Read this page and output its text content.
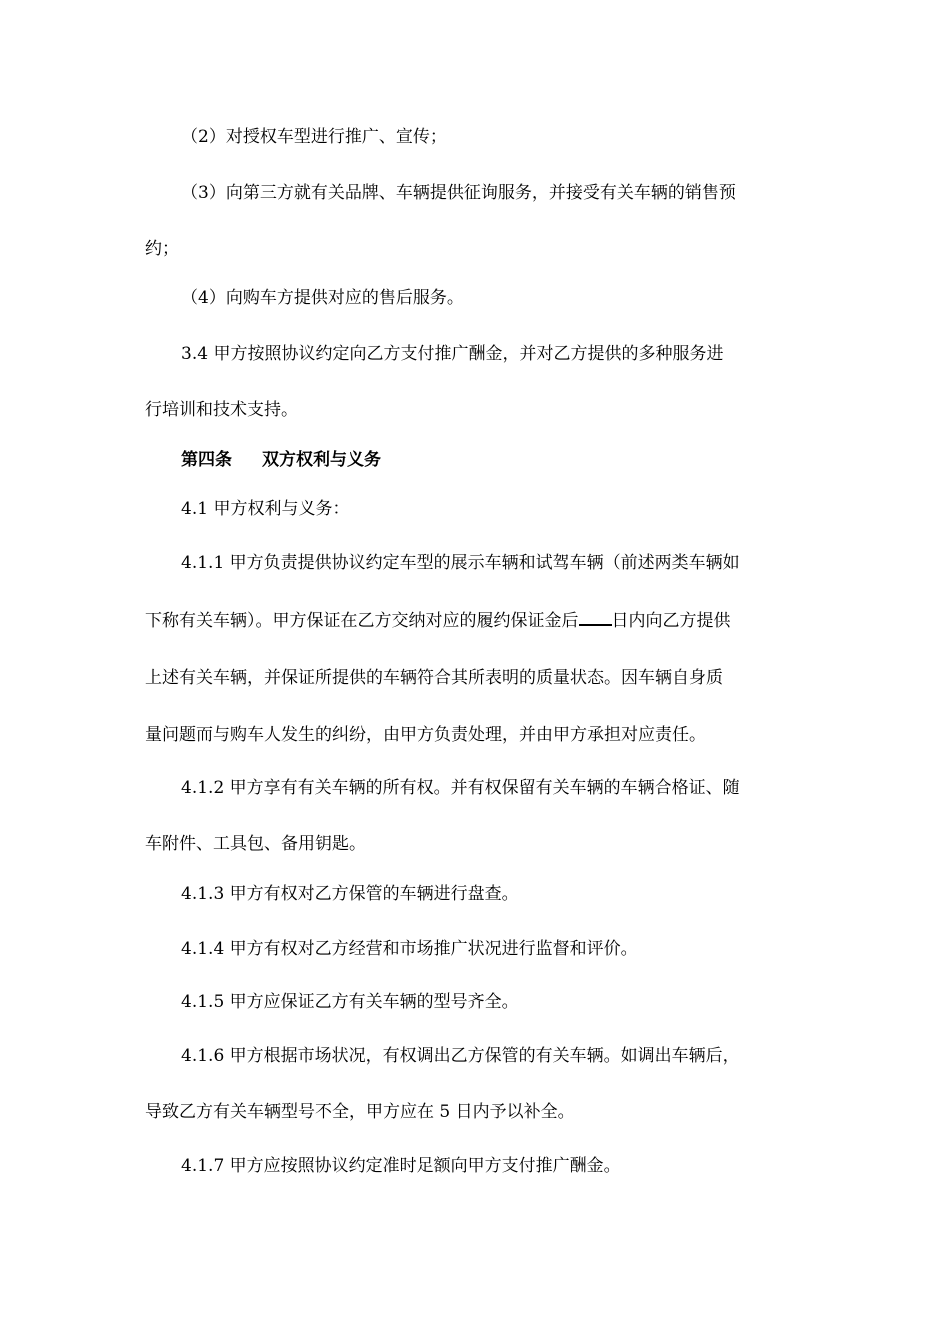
（2）对授权车型进行推广、宣传；

（3）向第三方就有关品牌、车辆提供征询服务，并接受有关车辆的销售预

约；

（4）向购车方提供对应的售后服务。

3.4 甲方按照协议约定向乙方支付推广酬金，并对乙方提供的多种服务进

行培训和技术支持。

第四条 双方权利与义务

4.1 甲方权利与义务：

4.1.1 甲方负责提供协议约定车型的展示车辆和试驾车辆（前述两类车辆如

下称有关车辆）。甲方保证在乙方交纳对应的履约保证金后 日内向乙方提供

上述有关车辆，并保证所提供的车辆符合其所表明的质量状态。因车辆自身质

量问题而与购车人发生的纠纷，由甲方负责处理，并由甲方承担对应责任。

4.1.2 甲方享有有关车辆的所有权。并有权保留有关车辆的车辆合格证、随

车附件、工具包、备用钥匙。

4.1.3 甲方有权对乙方保管的车辆进行盘查。

4.1.4 甲方有权对乙方经营和市场推广状况进行监督和评价。

4.1.5 甲方应保证乙方有关车辆的型号齐全。

4.1.6 甲方根据市场状况，有权调出乙方保管的有关车辆。如调出车辆后，

导致乙方有关车辆型号不全，甲方应在 5 日内予以补全。

4.1.7 甲方应按照协议约定准时足额向甲方支付推广酬金。
